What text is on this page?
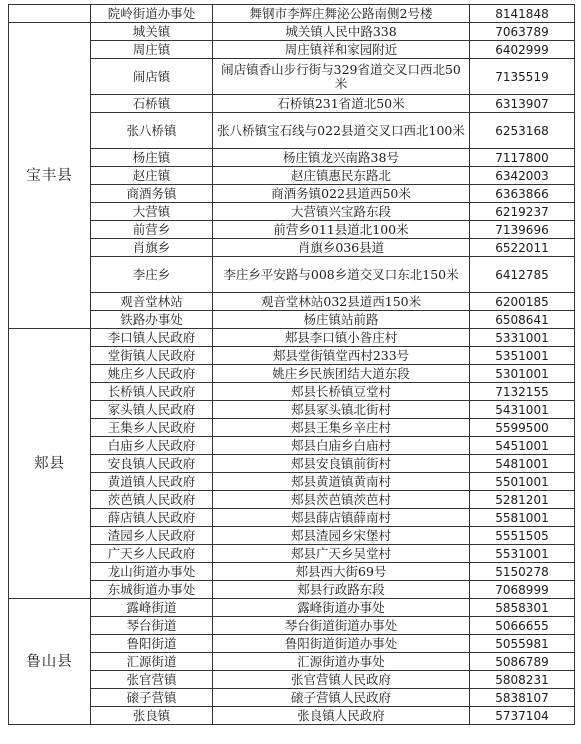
	院岭街道办事处	舞钢市李辉庄舞泌公路南侧2号楼	8141848
宝丰县	城关镇	城关镇人民中路338	7063789
	周庄镇	周庄镇祥和家园附近	6402999
	闹店镇	闹店镇香山步行街与329省道交叉口西北50米	7135519
	石桥镇	石桥镇231省道北50米	6313907
	张八桥镇	张八桥镇宝石线与022县道交叉口西北100米	6253168
	杨庄镇	杨庄镇龙兴南路38号	7117800
	赵庄镇	赵庄镇惠民东路北	6342003
	商酒务镇	商酒务镇022县道西50米	6363866
	大营镇	大营镇兴宝路东段	6219237
	前营乡	前营乡011县道北100米	7139696
	肖旗乡	肖旗乡036县道	6522011
	李庄乡	李庄乡平安路与008乡道交叉口东北150米	6412785
	观音堂林站	观音堂林站032县道西150米	6200185
	铁路办事处	杨庄镇站前路	6508641
郏县	李口镇人民政府	郏县李口镇小昝庄村	5331001
	堂街镇人民政府	郏县堂街镇堂西村233号	5351001
	姚庄乡人民政府	姚庄乡民族团结大道东段	5301001
	长桥镇人民政府	郏县长桥镇豆堂村	7132155
	冢头镇人民政府	郏县冢头镇北街村	5431001
	王集乡人民政府	郏县王集乡辛庄村	5599500
	白庙乡人民政府	郏县白庙乡白庙村	5451001
	安良镇人民政府	郏县安良镇前街村	5481001
	黄道镇人民政府	郏县黄道镇黄南村	5501001
	茨芭镇人民政府	郏县茨芭镇茨芭村	5281201
	薛店镇人民政府	郏县薛店镇薛南村	5581001
	渣园乡人民政府	郏县渣园乡宋堡村	5551505
	广天乡人民政府	郏县广天乡吴堂村	5531001
	龙山街道办事处	郏县西大街69号	5150278
	东城街道办事处	郏县行政路东段	7068999
鲁山县	露峰街道	露峰街道办事处	5858301
	琴台街道	琴台街道街道办事处	5066655
	鲁阳街道	鲁阳街道街道办事处	5055981
	汇源街道	汇源街道办事处	5086789
	张官营镇	张官营镇人民政府	5808231
	磙子营镇	磙子营镇人民政府	5838107
	张良镇	张良镇人民政府	5737104
